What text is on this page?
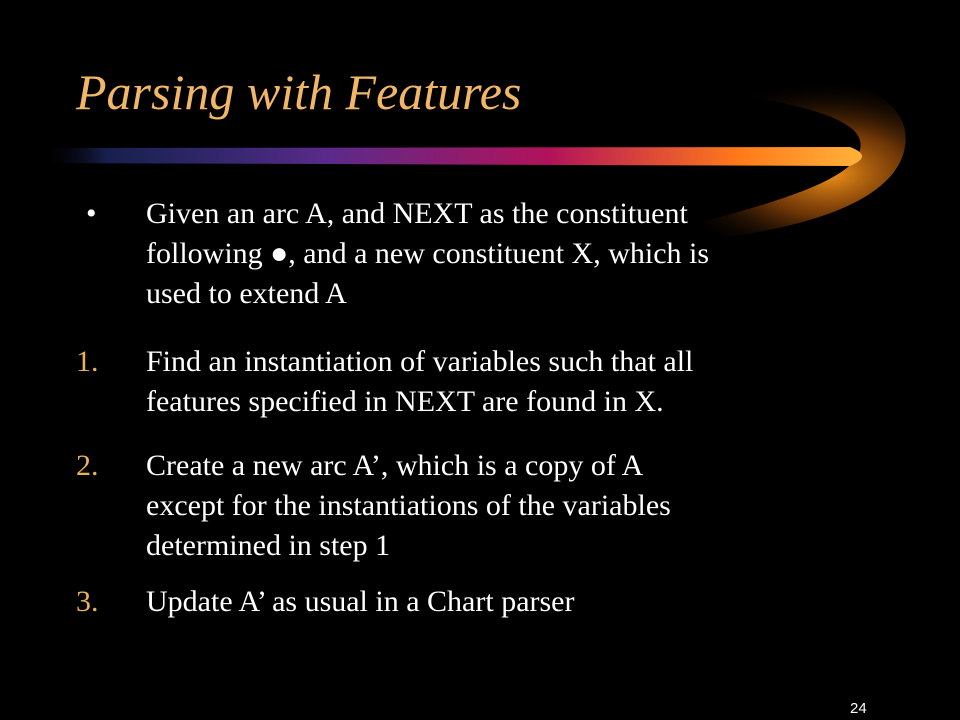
Parsing with Features
•	Given an arc A, and NEXT as the constituent
following ●, and a new constituent X, which is
used to extend A
1.	Find an instantiation of variables such that all
features specified in NEXT are found in X.
2.	Create a new arc A’, which is a copy of A
except for the instantiations of the variables
determined in step 1
3.	Update A’ as usual in a Chart parser
24
